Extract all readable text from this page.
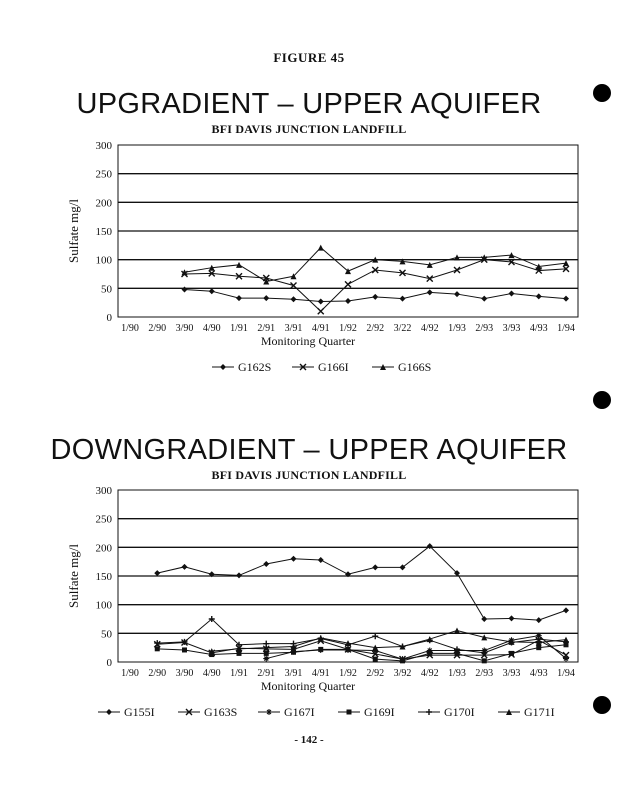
FIGURE 45
UPGRADIENT – UPPER AQUIFER
BFI DAVIS JUNCTION LANDFILL
0
50
100
150
200
250
300
1/90 2/90 3/90 4/90 1/91 2/91 3/91 4/91 1/92 2/92 3/22 4/92 1/93 2/93 3/93 4/93 1/94
Monitoring Quarter
Sulfate mg/l
G162S	G166I	G166S
DOWNGRADIENT – UPPER AQUIFER
BFI DAVIS JUNCTION LANDFILL
0
50
100
150
200
250
300
1/90 2/90 3/90 4/90 1/91 2/91 3/91 4/91 1/92 2/92 3/92 4/92 1/93 2/93 3/93 4/93 1/94
Monitoring Quarter
Sulfate mg/l
G155I	G163S	G167I	G169I	G170I	G171I
- 142 -
